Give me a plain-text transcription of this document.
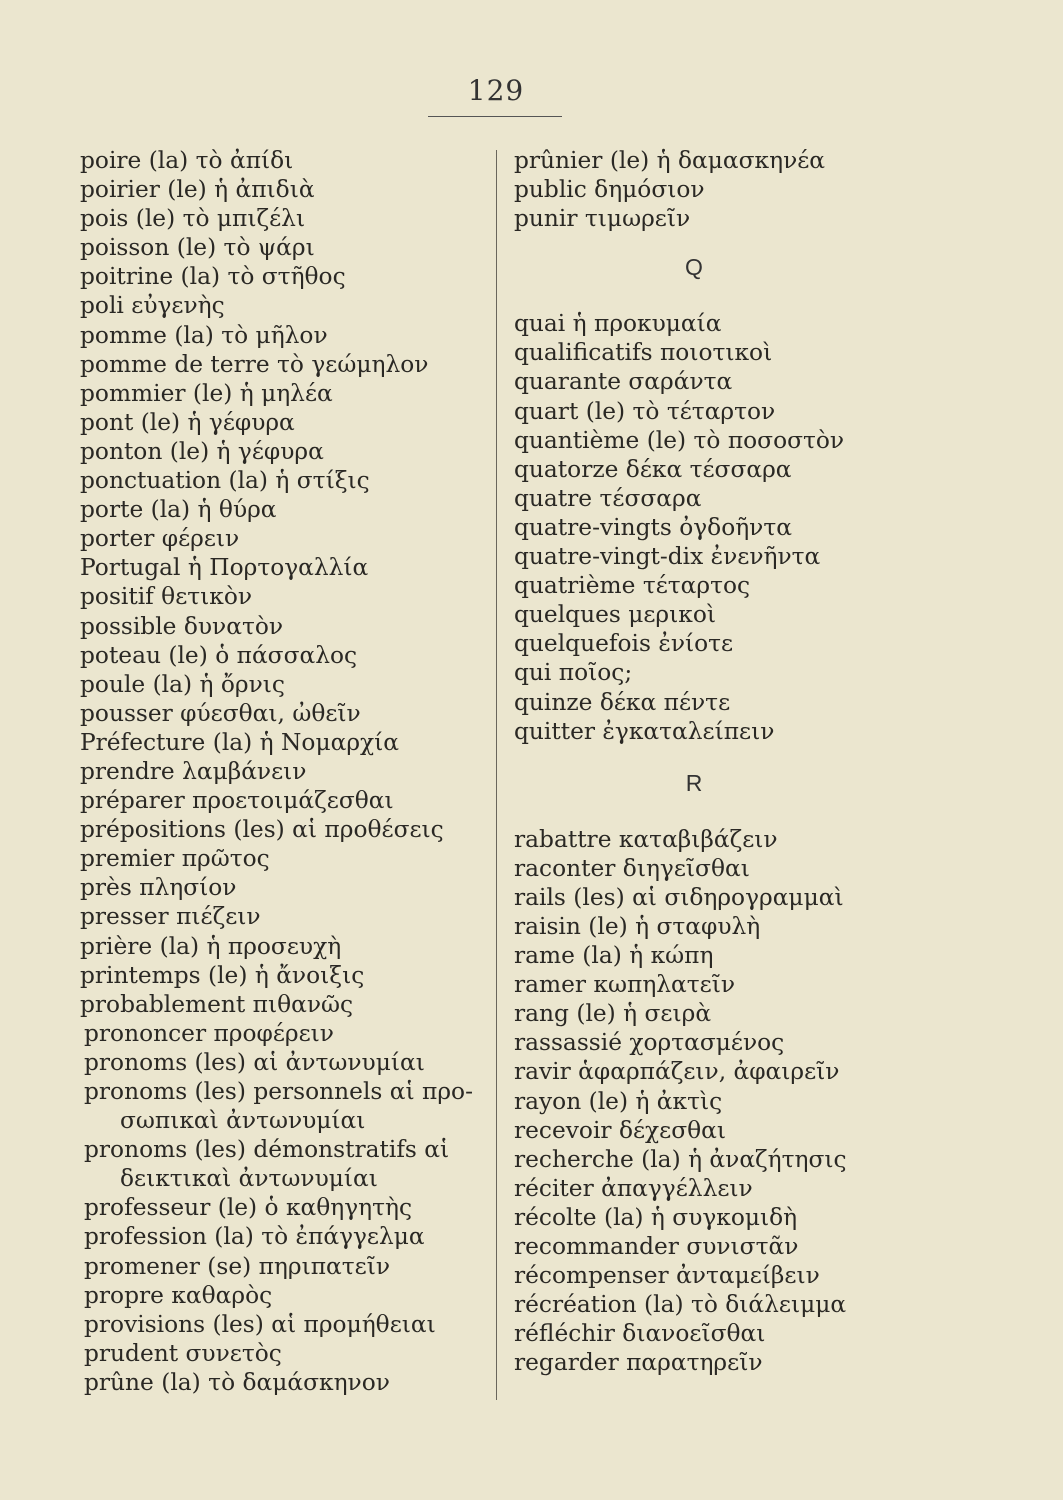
129
poire (la) τὸ ἀπίδι
poirier (le) ἡ ἀπιδιὰ
pois (le) τὸ μπιζέλι
poisson (le) τὸ ψάρι
poitrine (la) τὸ στῆθος
poli εὐγενὴς
pomme (la) τὸ μῆλον
pomme de terre τὸ γεώμηλον
pommier (le) ἡ μηλέα
pont (le) ἡ γέφυρα
ponton (le) ἡ γέφυρα
ponctuation (la) ἡ στίξις
porte (la) ἡ θύρα
porter φέρειν
Portugal ἡ Πορτογαλλία
positif θετικὸν
possible δυνατὸν
poteau (le) ὁ πάσσαλος
poule (la) ἡ ὄρνις
pousser φύεσθαι, ὠθεῖν
Préfecture (la) ἡ Νομαρχία
prendre λαμβάνειν
préparer προετοιμάζεσθαι
prépositions (les) αἱ προθέσεις
premier πρῶτος
près πλησίον
presser πιέζειν
prière (la) ἡ προσευχὴ
printemps (le) ἡ ἄνοιξις
probablement πιθανῶς
prononcer προφέρειν
pronoms (les) αἱ ἀντωνυμίαι
pronoms (les) personnels αἱ προ-
σωπικαὶ ἀντωνυμίαι
pronoms (les) démonstratifs αἱ
δεικτικαὶ ἀντωνυμίαι
professeur (le) ὁ καθηγητὴς
profession (la) τὸ ἐπάγγελμα
promener (se) πηριπατεῖν
propre καθαρὸς
provisions (les) αἱ προμήθειαι
prudent συνετὸς
prûne (la) τὸ δαμάσκηνον
prûnier (le) ἡ δαμασκηνέα
public δημόσιον
punir τιμωρεῖν
Q
quai ἡ προκυμαία
qualificatifs ποιοτικοὶ
quarante σαράντα
quart (le) τὸ τέταρτον
quantième (le) τὸ ποσοστὸν
quatorze δέκα τέσσαρα
quatre τέσσαρα
quatre-vingts ὀγδοῆντα
quatre-vingt-dix ἐνενῆντα
quatrième τέταρτος
quelques μερικοὶ
quelquefois ἐνίοτε
qui ποῖος;
quinze δέκα πέντε
quitter ἐγκαταλείπειν
R
rabattre καταβιβάζειν
raconter διηγεῖσθαι
rails (les) αἱ σιδηρογραμμαὶ
raisin (le) ἡ σταφυλὴ
rame (la) ἡ κώπη
ramer κωπηλατεῖν
rang (le) ἡ σειρὰ
rassassié χορτασμένος
ravir ἁφαρπάζειν, ἀφαιρεῖν
rayon (le) ἡ ἀκτὶς
recevoir δέχεσθαι
recherche (la) ἡ ἀναζήτησις
réciter ἀπαγγέλλειν
récolte (la) ἡ συγκομιδὴ
recommander συνιστᾶν
récompenser ἀνταμείβειν
récréation (la) τὸ διάλειμμα
réfléchir διανοεῖσθαι
regarder παρατηρεῖν
